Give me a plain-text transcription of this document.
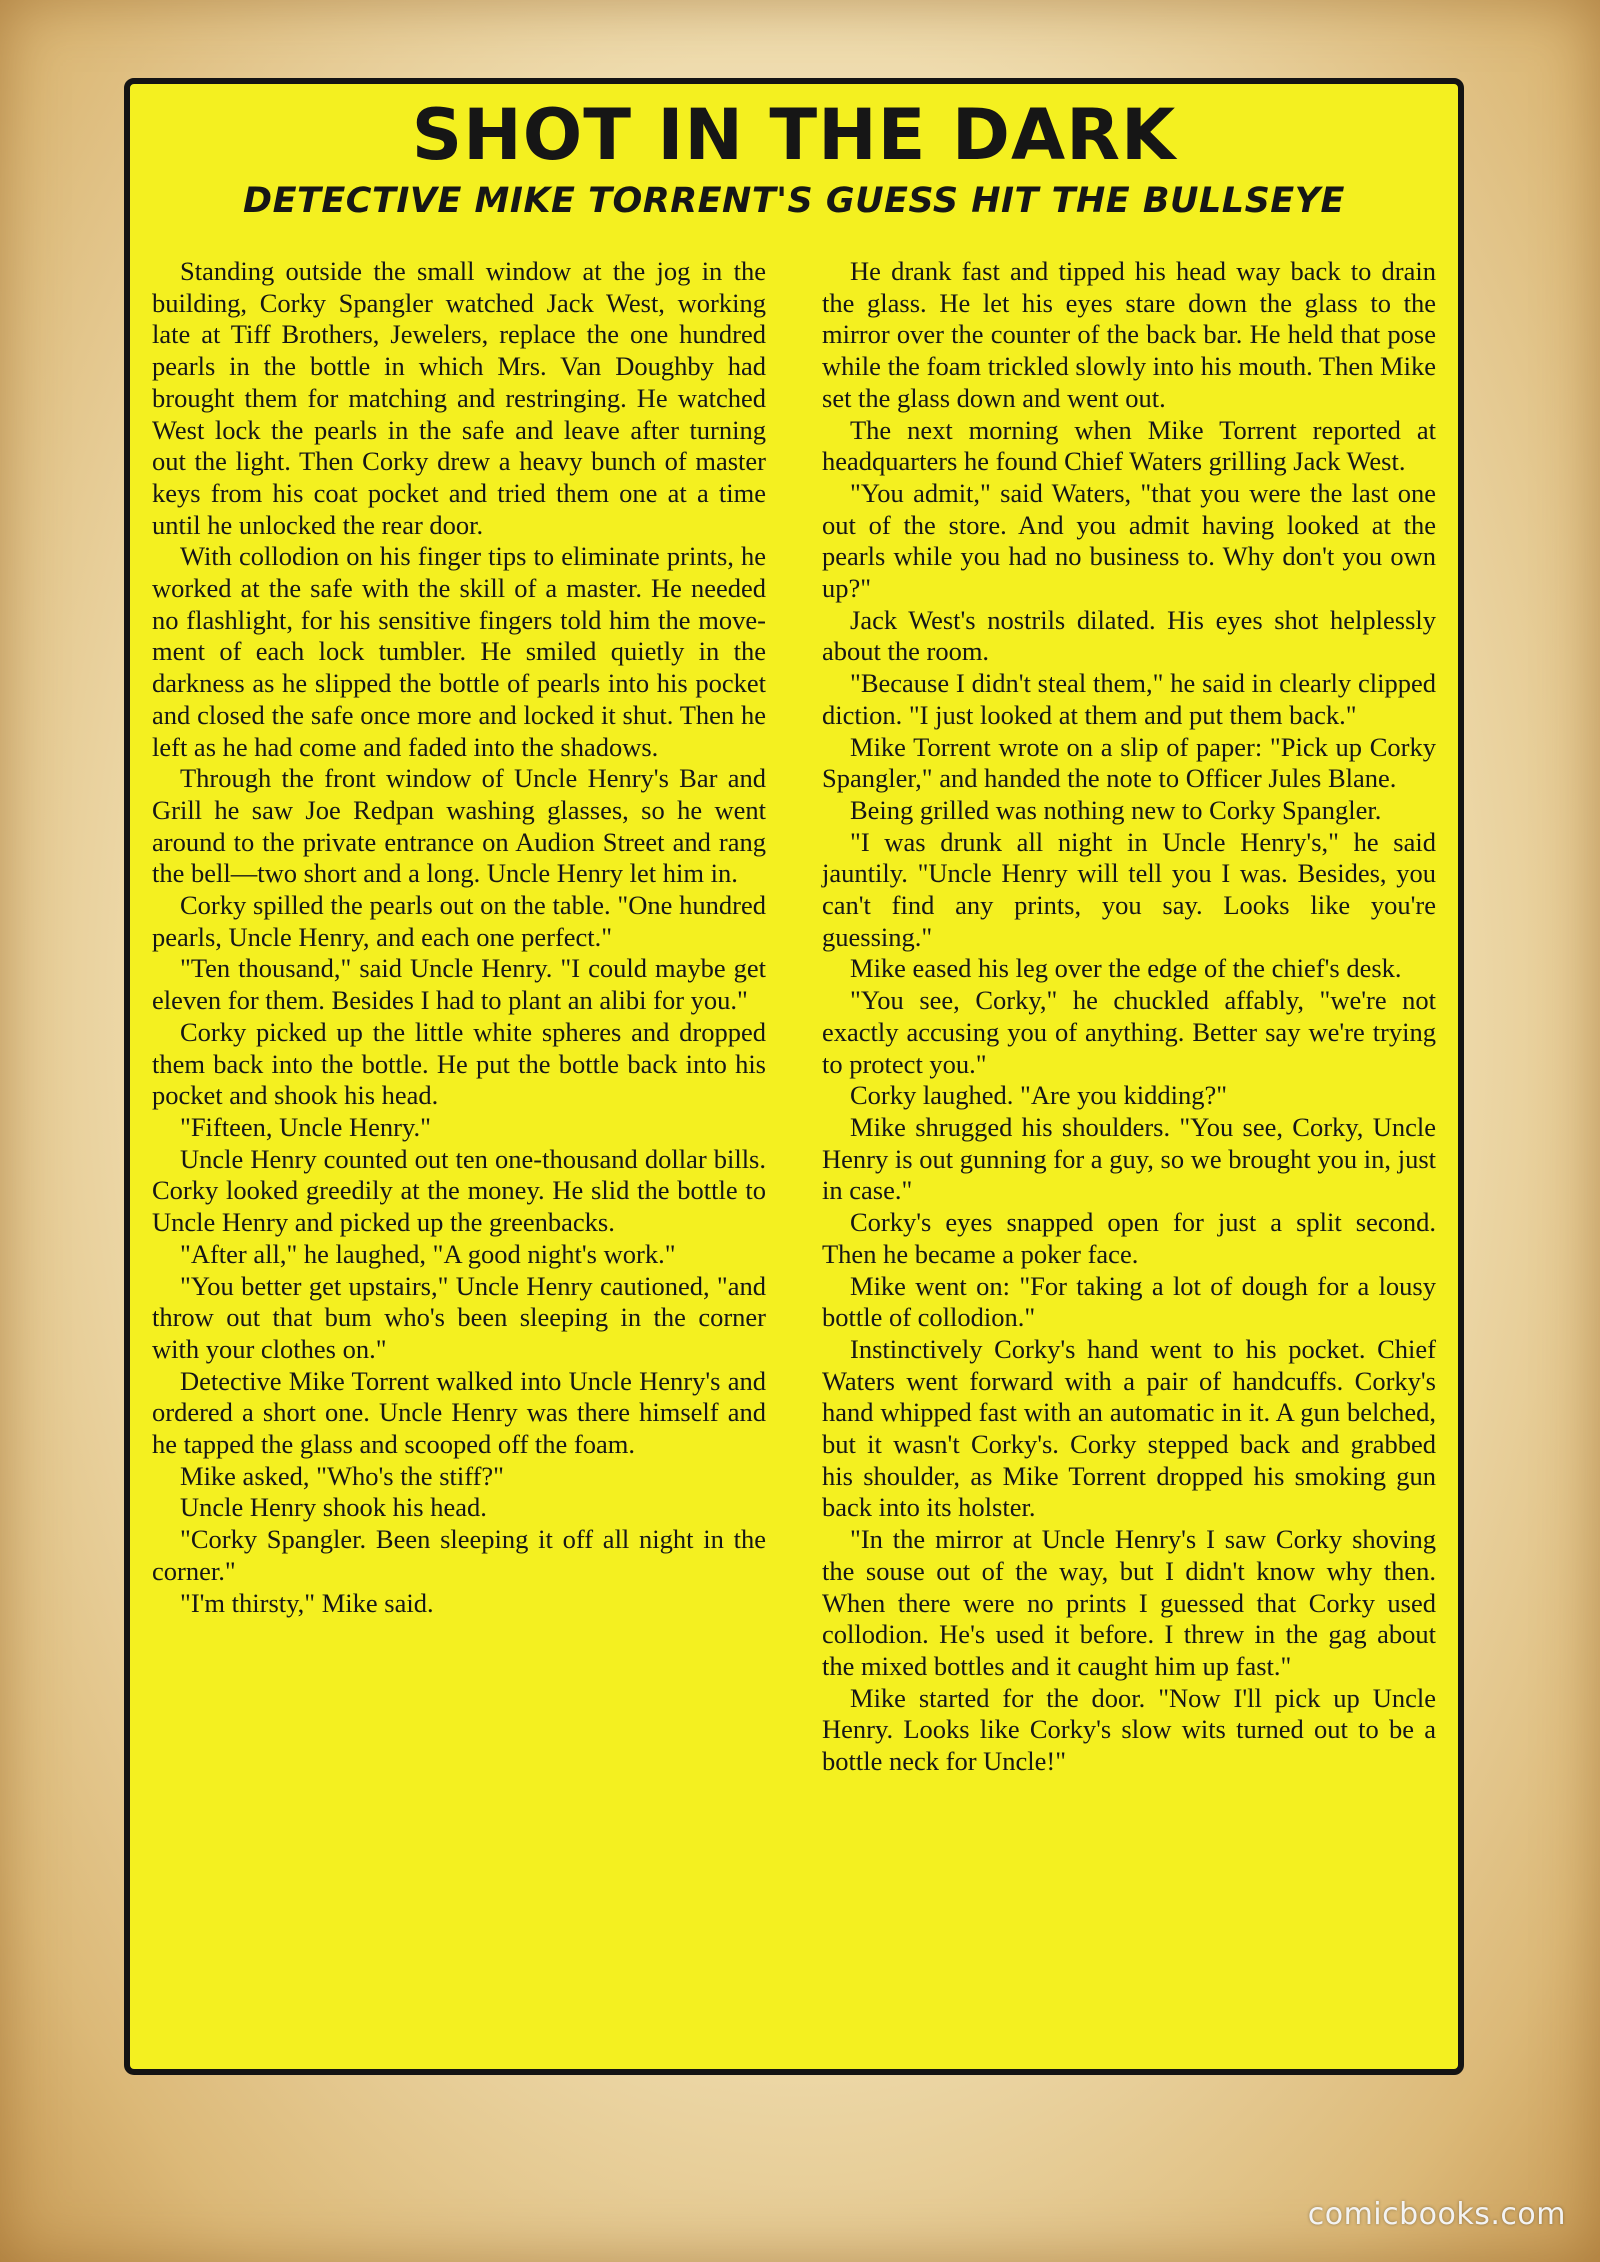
SHOT IN THE DARK
DETECTIVE MIKE TORRENT'S GUESS HIT THE BULLSEYE

Standing outside the small window at the jog in the building, Corky Spangler watched Jack West, working late at Tiff Brothers, Jewelers, replace the one hundred pearls in the bottle in which Mrs. Van Doughby had brought them for matching and restringing. He watched West lock the pearls in the safe and leave after turning out the light. Then Corky drew a heavy bunch of master keys from his coat pocket and tried them one at a time until he unlocked the rear door.

With collodion on his finger tips to eliminate prints, he worked at the safe with the skill of a master. He needed no flashlight, for his sensitive fingers told him the movement of each lock tumbler. He smiled quietly in the darkness as he slipped the bottle of pearls into his pocket and closed the safe once more and locked it shut. Then he left as he had come and faded into the shadows.

Through the front window of Uncle Henry's Bar and Grill he saw Joe Redpan washing glasses, so he went around to the private entrance on Audion Street and rang the bell—two short and a long. Uncle Henry let him in.

Corky spilled the pearls out on the table. "One hundred pearls, Uncle Henry, and each one perfect."

"Ten thousand," said Uncle Henry. "I could maybe get eleven for them. Besides I had to plant an alibi for you."

Corky picked up the little white spheres and dropped them back into the bottle. He put the bottle back into his pocket and shook his head.

"Fifteen, Uncle Henry."

Uncle Henry counted out ten one-thousand dollar bills. Corky looked greedily at the money. He slid the bottle to Uncle Henry and picked up the greenbacks.

"After all," he laughed, "A good night's work."

"You better get upstairs," Uncle Henry cautioned, "and throw out that bum who's been sleeping in the corner with your clothes on."

Detective Mike Torrent walked into Uncle Henry's and ordered a short one. Uncle Henry was there himself and he tapped the glass and scooped off the foam.

Mike asked, "Who's the stiff?"

Uncle Henry shook his head.

"Corky Spangler. Been sleeping it off all night in the corner."

"I'm thirsty," Mike said.

He drank fast and tipped his head way back to drain the glass. He let his eyes stare down the glass to the mirror over the counter of the back bar. He held that pose while the foam trickled slowly into his mouth. Then Mike set the glass down and went out.

The next morning when Mike Torrent reported at headquarters he found Chief Waters grilling Jack West.

"You admit," said Waters, "that you were the last one out of the store. And you admit having looked at the pearls while you had no business to. Why don't you own up?"

Jack West's nostrils dilated. His eyes shot helplessly about the room.

"Because I didn't steal them," he said in clearly clipped diction. "I just looked at them and put them back."

Mike Torrent wrote on a slip of paper: "Pick up Corky Spangler," and handed the note to Officer Jules Blane.

Being grilled was nothing new to Corky Spangler.

"I was drunk all night in Uncle Henry's," he said jauntily. "Uncle Henry will tell you I was. Besides, you can't find any prints, you say. Looks like you're guessing."

Mike eased his leg over the edge of the chief's desk.

"You see, Corky," he chuckled affably, "we're not exactly accusing you of anything. Better say we're trying to protect you."

Corky laughed. "Are you kidding?"

Mike shrugged his shoulders. "You see, Corky, Uncle Henry is out gunning for a guy, so we brought you in, just in case."

Corky's eyes snapped open for just a split second. Then he became a poker face.

Mike went on: "For taking a lot of dough for a lousy bottle of collodion."

Instinctively Corky's hand went to his pocket. Chief Waters went forward with a pair of handcuffs. Corky's hand whipped fast with an automatic in it. A gun belched, but it wasn't Corky's. Corky stepped back and grabbed his shoulder, as Mike Torrent dropped his smoking gun back into its holster.

"In the mirror at Uncle Henry's I saw Corky shoving the souse out of the way, but I didn't know why then. When there were no prints I guessed that Corky used collodion. He's used it before. I threw in the gag about the mixed bottles and it caught him up fast."

Mike started for the door. "Now I'll pick up Uncle Henry. Looks like Corky's slow wits turned out to be a bottle neck for Uncle!"

comicbooks.com
